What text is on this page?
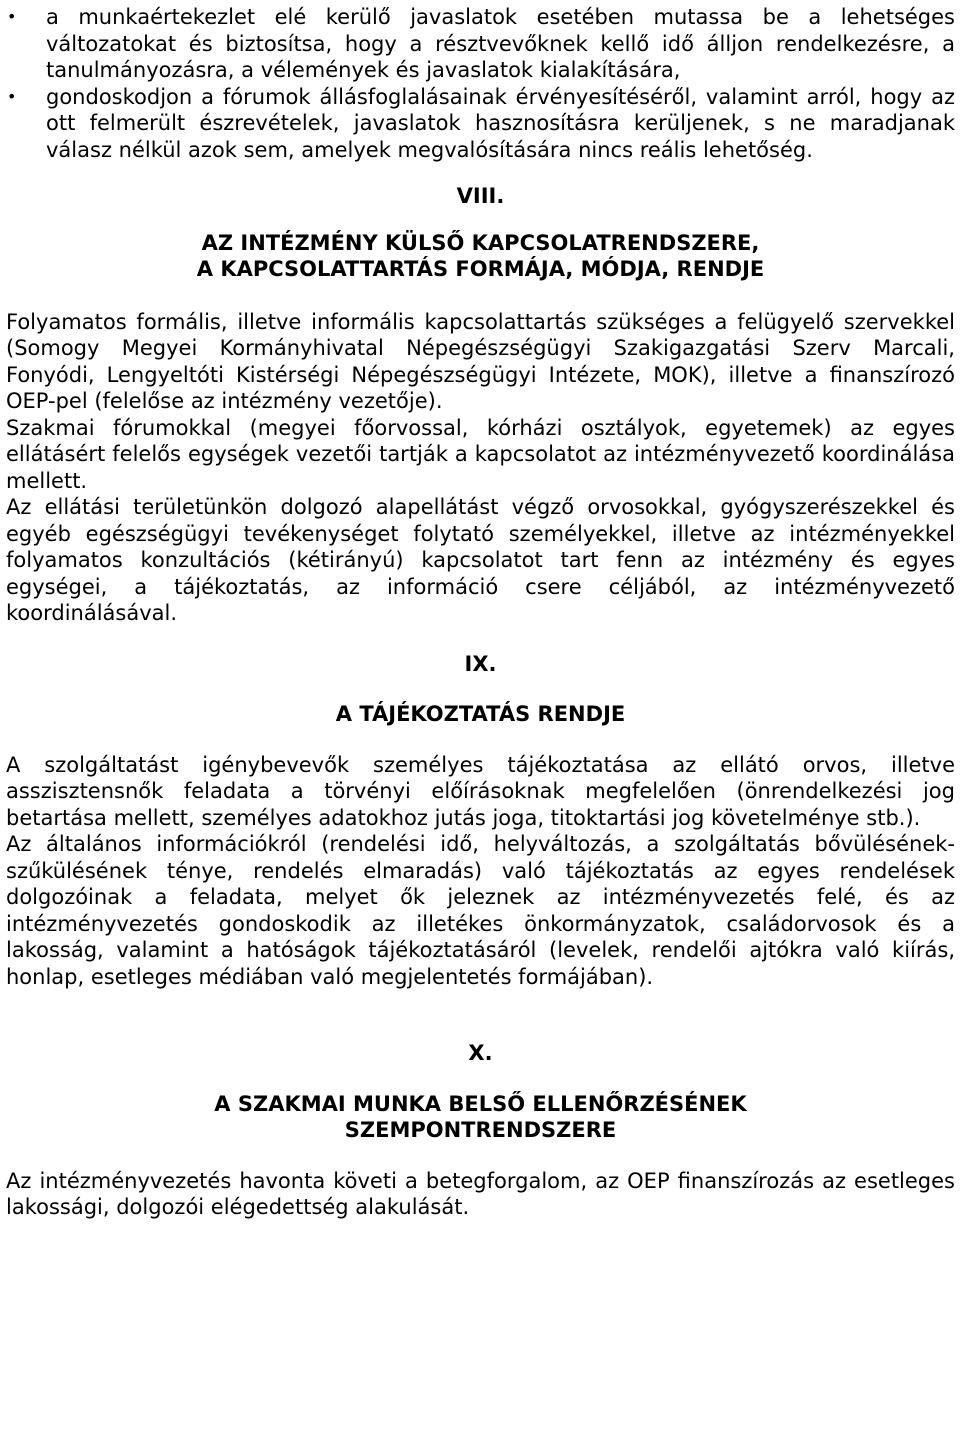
• a munkaértekezlet elé kerülő javaslatok esetében mutassa be a lehetséges változatokat és biztosítsa, hogy a résztvevőknek kellő idő álljon rendelkezésre, a tanulmányozásra, a vélemények és javaslatok kialakítására,
• gondoskodjon a fórumok állásfoglalásainak érvényesítéséről, valamint arról, hogy az ott felmerült észrevételek, javaslatok hasznosításra kerüljenek, s ne maradjanak válasz nélkül azok sem, amelyek megvalósítására nincs reális lehetőség.

VIII.

AZ INTÉZMÉNY KÜLSŐ KAPCSOLATRENDSZERE,

A KAPCSOLATTARTÁS FORMÁJA, MÓDJA, RENDJE

Folyamatos formális, illetve informális kapcsolattartás szükséges a felügyelő szervekkel (Somogy Megyei Kormányhivatal Népegészségügyi Szakigazgatási Szerv Marcali, Fonyódi, Lengyeltóti Kistérségi Népegészségügyi Intézete, MOK), illetve a finanszírozó OEP-pel (felelőse az intézmény vezetője).

Szakmai fórumokkal (megyei főorvossal, kórházi osztályok, egyetemek) az egyes ellátásért felelős egységek vezetői tartják a kapcsolatot az intézményvezető koordinálása mellett.

Az ellátási területünkön dolgozó alapellátást végző orvosokkal, gyógyszerészekkel és egyéb egészségügyi tevékenységet folytató személyekkel, illetve az intézményekkel folyamatos konzultációs (kétirányú) kapcsolatot tart fenn az intézmény és egyes egységei, a tájékoztatás, az információ csere céljából, az intézményvezető koordinálásával.

IX.

A TÁJÉKOZTATÁS RENDJE

A szolgáltatást igénybevevők személyes tájékoztatása az ellátó orvos, illetve asszisztensnők feladata a törvényi előírásoknak megfelelően (önrendelkezési jog betartása mellett, személyes adatokhoz jutás joga, titoktartási jog követelménye stb.).

Az általános információkról (rendelési idő, helyváltozás, a szolgáltatás bővülésének-szűkülésének ténye, rendelés elmaradás) való tájékoztatás az egyes rendelések dolgozóinak a feladata, melyet ők jeleznek az intézményvezetés felé, és az intézményvezetés gondoskodik az illetékes önkormányzatok, családorvosok és a lakosság, valamint a hatóságok tájékoztatásáról (levelek, rendelői ajtókra való kiírás, honlap, esetleges médiában való megjelentetés formájában).

X.

A SZAKMAI MUNKA BELSŐ ELLENŐRZÉSÉNEK

SZEMPONTRENDSZERE

Az intézményvezetés havonta követi a betegforgalom, az OEP finanszírozás az esetleges lakossági, dolgozói elégedettség alakulását.
